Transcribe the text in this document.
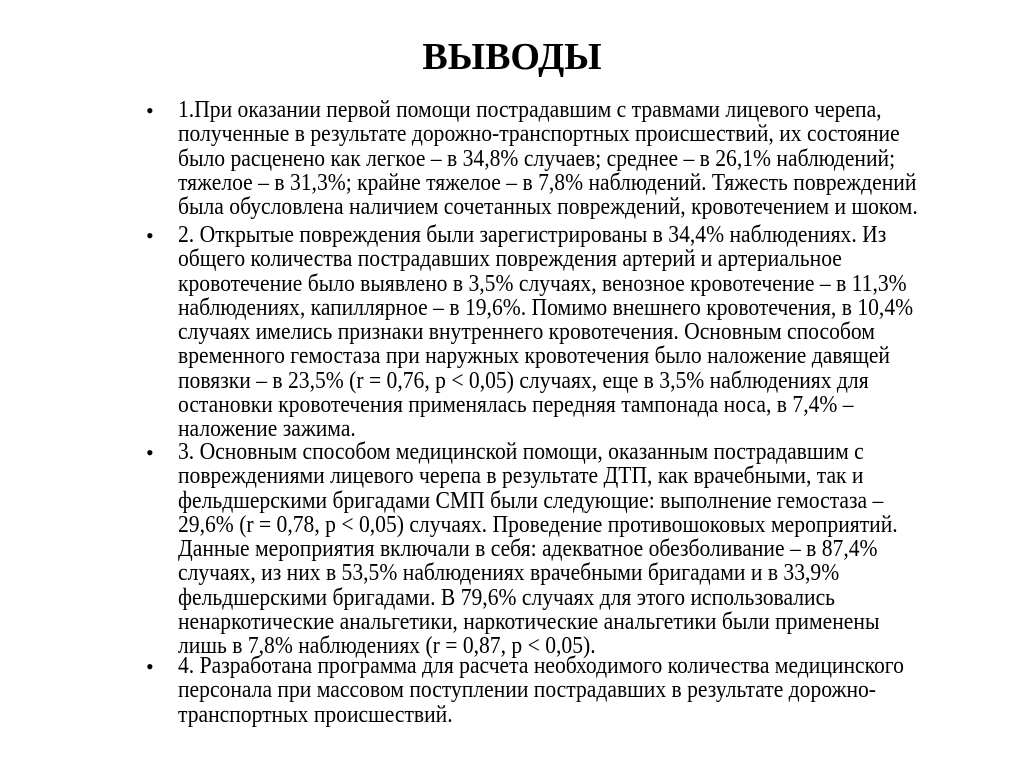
ВЫВОДЫ
• 1.При оказании первой помощи пострадавшим с травмами лицевого черепа,
полученные в результате дорожно-транспортных происшествий, их состояние
было расценено как легкое – в 34,8% случаев; среднее – в 26,1% наблюдений;
тяжелое – в 31,3%; крайне тяжелое – в 7,8% наблюдений. Тяжесть повреждений
была обусловлена наличием сочетанных повреждений, кровотечением и шоком.
• 2. Открытые повреждения были зарегистрированы в 34,4% наблюдениях. Из
общего количества пострадавших повреждения артерий и артериальное
кровотечение было выявлено в 3,5% случаях, венозное кровотечение – в 11,3%
наблюдениях, капиллярное – в 19,6%. Помимо внешнего кровотечения, в 10,4%
случаях имелись признаки внутреннего кровотечения. Основным способом
временного гемостаза при наружных кровотечения было наложение давящей
повязки – в 23,5% (r = 0,76, p < 0,05) случаях, еще в 3,5% наблюдениях для
остановки кровотечения применялась передняя тампонада носа, в 7,4% –
наложение зажима.
• 3. Основным способом медицинской помощи, оказанным пострадавшим с
повреждениями лицевого черепа в результате ДТП, как врачебными, так и
фельдшерскими бригадами СМП были следующие: выполнение гемостаза –
29,6% (r = 0,78, p < 0,05) случаях. Проведение противошоковых мероприятий.
Данные мероприятия включали в себя: адекватное обезболивание – в 87,4%
случаях, из них в 53,5% наблюдениях врачебными бригадами и в 33,9%
фельдшерскими бригадами. В 79,6% случаях для этого использовались
ненаркотические анальгетики, наркотические анальгетики были применены
лишь в 7,8% наблюдениях (r = 0,87, p < 0,05).
• 4. Разработана программа для расчета необходимого количества медицинского
персонала при массовом поступлении пострадавших в результате дорожно-
транспортных происшествий.
